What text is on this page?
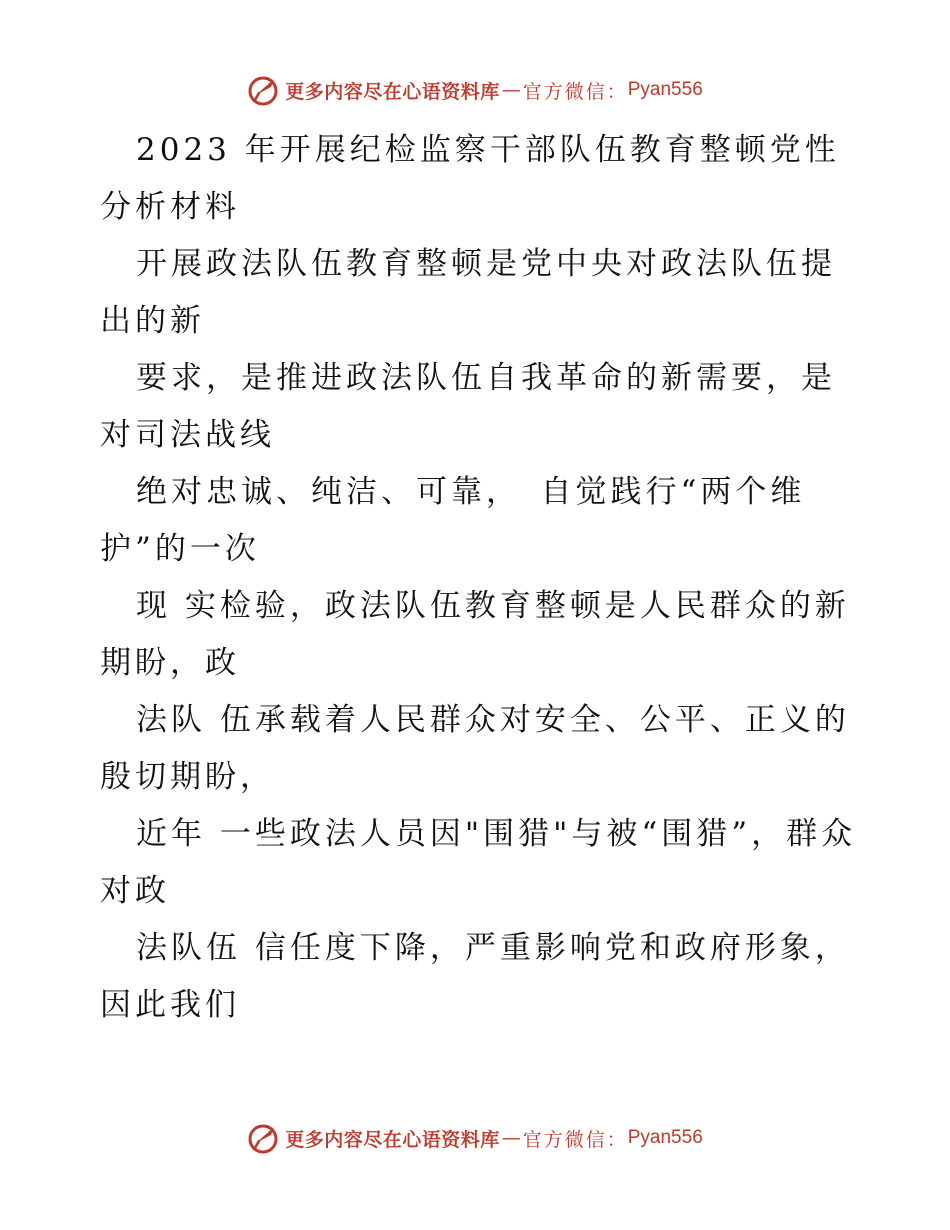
更多内容尽在心语资料库 — 官方微信： Pyan556

2023 年开展纪检监察干部队伍教育整顿党性分析材料

开展政法队伍教育整顿是党中央对政法队伍提出的新

要求，是推进政法队伍自我革命的新需要，是对司法战线

绝对忠诚、纯洁、可靠，　自觉践行“两个维护”的一次

现 实检验，政法队伍教育整顿是人民群众的新期盼，政

法队 伍承载着人民群众对安全、公平、正义的殷切期盼，

近年 一些政法人员因"围猎"与被“围猎”，群众对政

法队伍 信任度下降，严重影响党和政府形象，因此我们

更多内容尽在心语资料库 — 官方微信： Pyan556
